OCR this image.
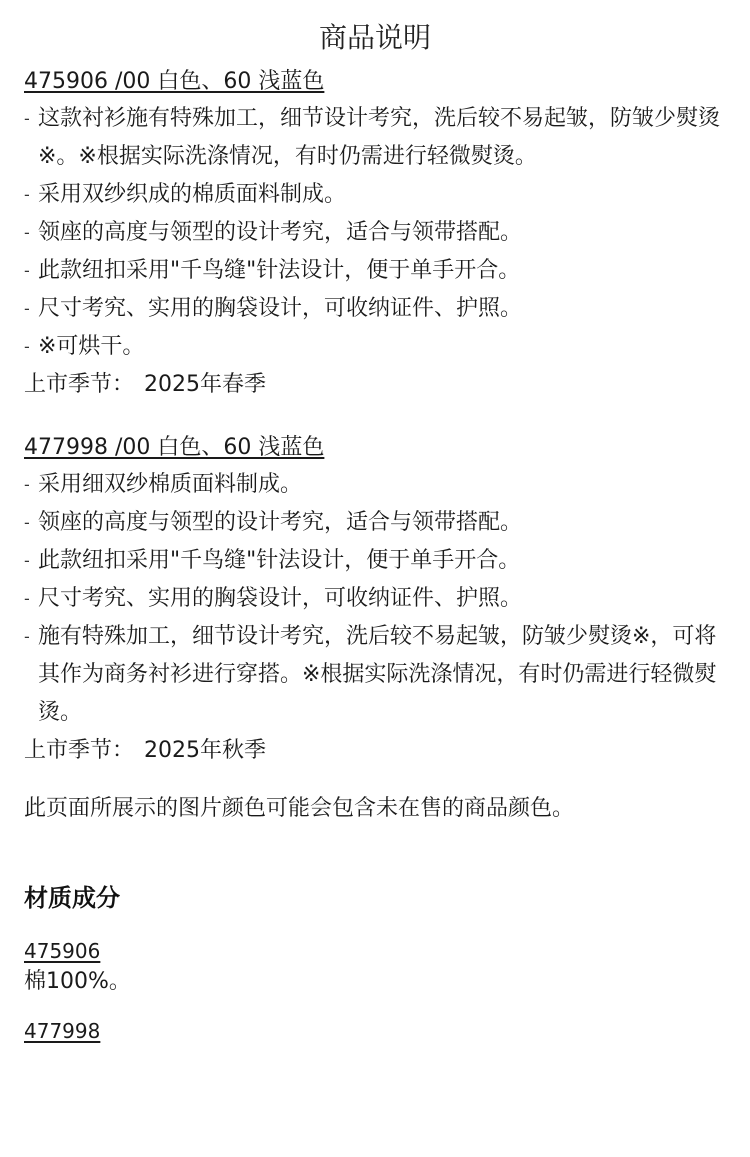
商品说明
475906 /00 白色、60 浅蓝色
- 这款衬衫施有特殊加工，细节设计考究，洗后较不易起皱，防皱少熨烫※。※根据实际洗涤情况，有时仍需进行轻微熨烫。
- 采用双纱织成的棉质面料制成。
- 领座的高度与领型的设计考究，适合与领带搭配。
- 此款纽扣采用"千鸟缝"针法设计，便于单手开合。
- 尺寸考究、实用的胸袋设计，可收纳证件、护照。
- ※可烘干。
上市季节： 2025年春季
477998 /00 白色、60 浅蓝色
- 采用细双纱棉质面料制成。
- 领座的高度与领型的设计考究，适合与领带搭配。
- 此款纽扣采用"千鸟缝"针法设计，便于单手开合。
- 尺寸考究、实用的胸袋设计，可收纳证件、护照。
- 施有特殊加工，细节设计考究，洗后较不易起皱，防皱少熨烫※，可将其作为商务衬衫进行穿搭。※根据实际洗涤情况，有时仍需进行轻微熨烫。
上市季节： 2025年秋季

此页面所展示的图片颜色可能会包含未在售的商品颜色。

材质成分
475906
棉100%。
477998
